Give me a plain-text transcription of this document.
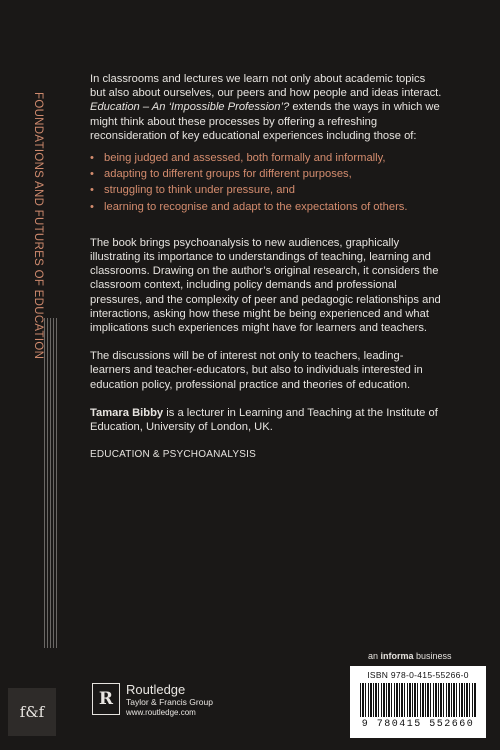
FOUNDATIONS AND FUTURES OF EDUCATION
f&f

In classrooms and lectures we learn not only about academic topics but also about ourselves, our peers and how people and ideas interact. Education – An ‘Impossible Profession’? extends the ways in which we might think about these processes by offering a refreshing reconsideration of key educational experiences including those of:

• being judged and assessed, both formally and informally,
• adapting to different groups for different purposes,
• struggling to think under pressure, and
• learning to recognise and adapt to the expectations of others.

The book brings psychoanalysis to new audiences, graphically illustrating its importance to understandings of teaching, learning and classrooms. Drawing on the author’s original research, it considers the classroom context, including policy demands and professional pressures, and the complexity of peer and pedagogic relationships and interactions, asking how these might be being experienced and what implications such experiences might have for learners and teachers.

The discussions will be of interest not only to teachers, leading-learners and teacher-educators, but also to individuals interested in education policy, professional practice and theories of education.

Tamara Bibby is a lecturer in Learning and Teaching at the Institute of Education, University of London, UK.

EDUCATION & PSYCHOANALYSIS

an informa business
ISBN 978-0-415-55266-0
9 780415 552660
R Routledge
Taylor & Francis Group
www.routledge.com
